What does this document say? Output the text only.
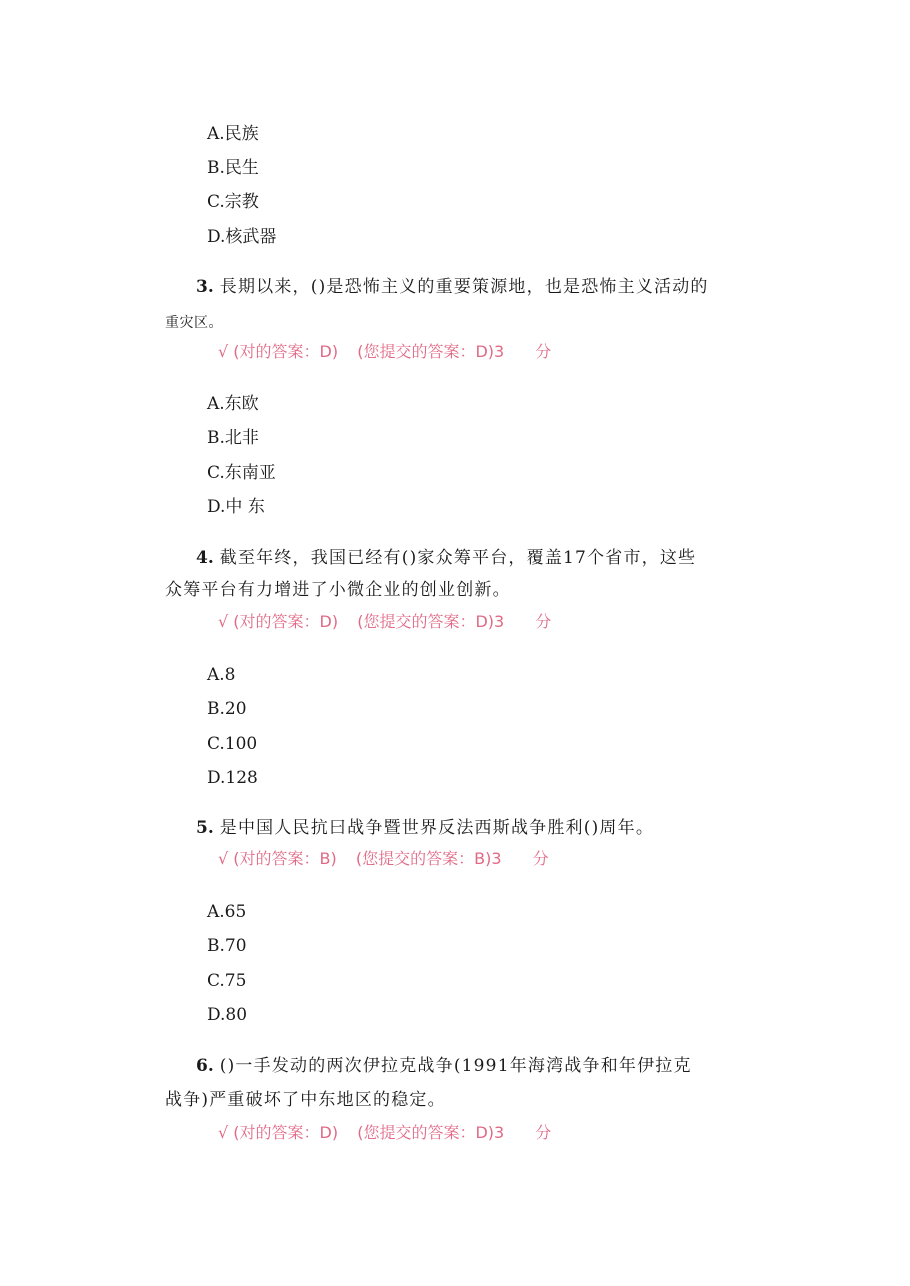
A.民族
B.民生
C.宗教
D.核武器
3. 長期以来，()是恐怖主义的重要策源地，也是恐怖主义活动的
重灾区。
√ (对的答案：D) (您提交的答案：D)3 分
A.东欧
B.北非
C.东南亚
D.中 东
4. 截至年终，我国已经有()家众筹平台，覆盖17个省市，这些
众筹平台有力增进了小微企业的创业创新。
√ (对的答案：D) (您提交的答案：D)3 分
A.8
B.20
C.100
D.128
5. 是中国人民抗曰战争暨世界反法西斯战争胜利()周年。
√ (对的答案：B) (您提交的答案：B)3 分
A.65
B.70
C.75
D.80
6. ()一手发动的两次伊拉克战争(1991年海湾战争和年伊拉克
战争)严重破坏了中东地区的稳定。
√ (对的答案：D) (您提交的答案：D)3 分
